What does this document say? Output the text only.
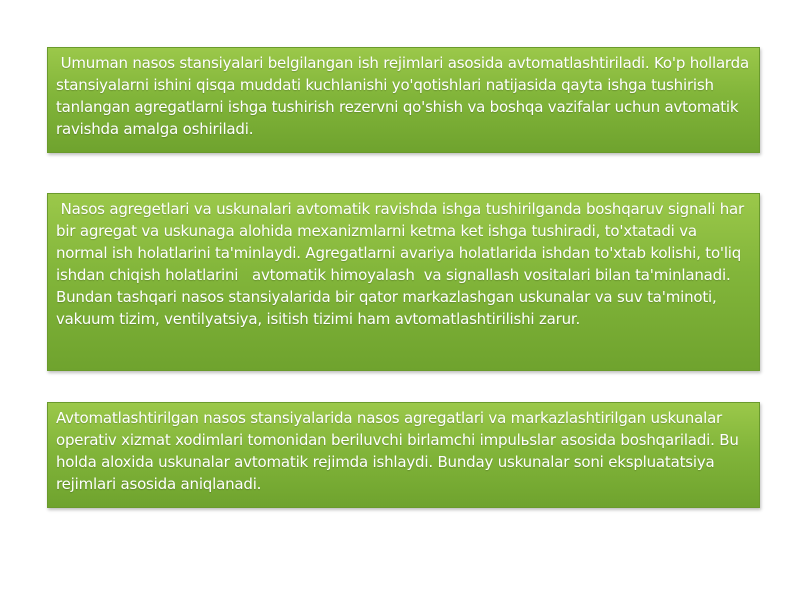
Umuman nasos stansiyalari belgilangan ish rejimlari asosida avtomatlashtiriladi. Ko'p hollarda stansiyalarni ishini qisqa muddati kuchlanishi yo'qotishlari natijasida qayta ishga tushirish tanlangan agregatlarni ishga tushirish rezervni qo'shish va boshqa vazifalar uchun avtomatik ravishda amalga oshiriladi.

Nasos agregetlari va uskunalari avtomatik ravishda ishga tushirilganda boshqaruv signali har bir agregat va uskunaga alohida mexanizmlarni ketma ket ishga tushiradi, to'xtatadi va normal ish holatlarini ta'minlaydi. Agregatlarni avariya holatlarida ishdan to'xtab kolishi, to'liq ishdan chiqish holatlarini   avtomatik himoyalash  va signallash vositalari bilan ta'minlanadi. Bundan tashqari nasos stansiyalarida bir qator markazlashgan uskunalar va suv ta'minoti, vakuum tizim, ventilyatsiya, isitish tizimi ham avtomatlashtirilishi zarur.

Avtomatlashtirilgan nasos stansiyalarida nasos agregatlari va markazlashtirilgan uskunalar operativ xizmat xodimlari tomonidan beriluvchi birlamchi impulьslar asosida boshqariladi. Bu holda aloxida uskunalar avtomatik rejimda ishlaydi. Bunday uskunalar soni ekspluatatsiya rejimlari asosida aniqlanadi.
